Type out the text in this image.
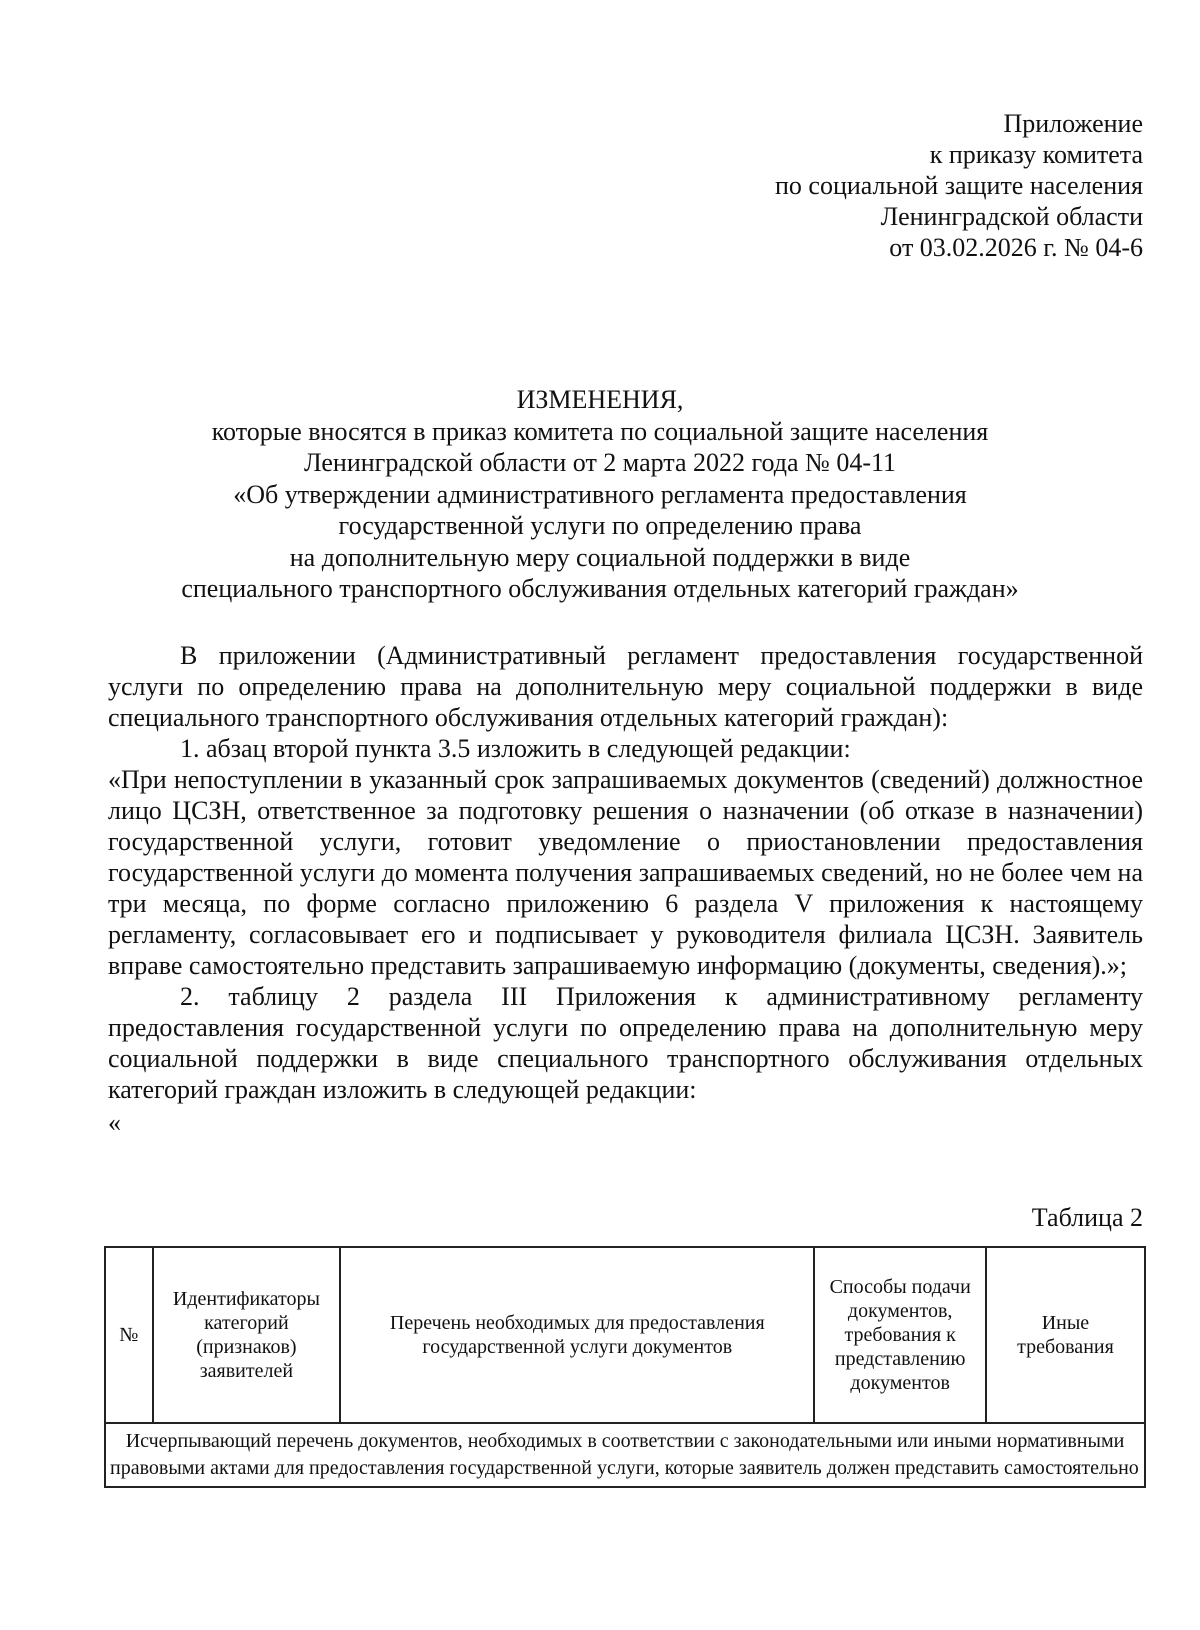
Приложение
к приказу комитета
по социальной защите населения
Ленинградской области
от 03.02.2026 г. № 04-6
ИЗМЕНЕНИЯ,
которые вносятся в приказ комитета по социальной защите населения
Ленинградской области от 2 марта 2022 года № 04-11
«Об утверждении административного регламента предоставления
государственной услуги по определению права
на дополнительную меру социальной поддержки в виде
специального транспортного обслуживания отдельных категорий граждан»
В приложении (Административный регламент предоставления государственной услуги по определению права на дополнительную меру социальной поддержки в виде специального транспортного обслуживания отдельных категорий граждан):
1. абзац второй пункта 3.5 изложить в следующей редакции:
«При непоступлении в указанный срок запрашиваемых документов (сведений) должностное лицо ЦСЗН, ответственное за подготовку решения о назначении (об отказе в назначении) государственной услуги, готовит уведомление о приостановлении предоставления государственной услуги до момента получения запрашиваемых сведений, но не более чем на три месяца, по форме согласно приложению 6 раздела V приложения к настоящему регламенту, согласовывает его и подписывает у руководителя филиала ЦСЗН. Заявитель вправе самостоятельно представить запрашиваемую информацию (документы, сведения).»;
2. таблицу 2 раздела III Приложения к административному регламенту предоставления государственной услуги по определению права на дополнительную меру социальной поддержки в виде специального транспортного обслуживания отдельных категорий граждан изложить в следующей редакции:
«
Таблица 2
№	Идентификаторы категорий (признаков) заявителей	Перечень необходимых для предоставления государственной услуги документов	Способы подачи документов, требования к представлению документов	Иные требования
Исчерпывающий перечень документов, необходимых в соответствии с законодательными или иными нормативными правовыми актами для предоставления государственной услуги, которые заявитель должен представить самостоятельно
